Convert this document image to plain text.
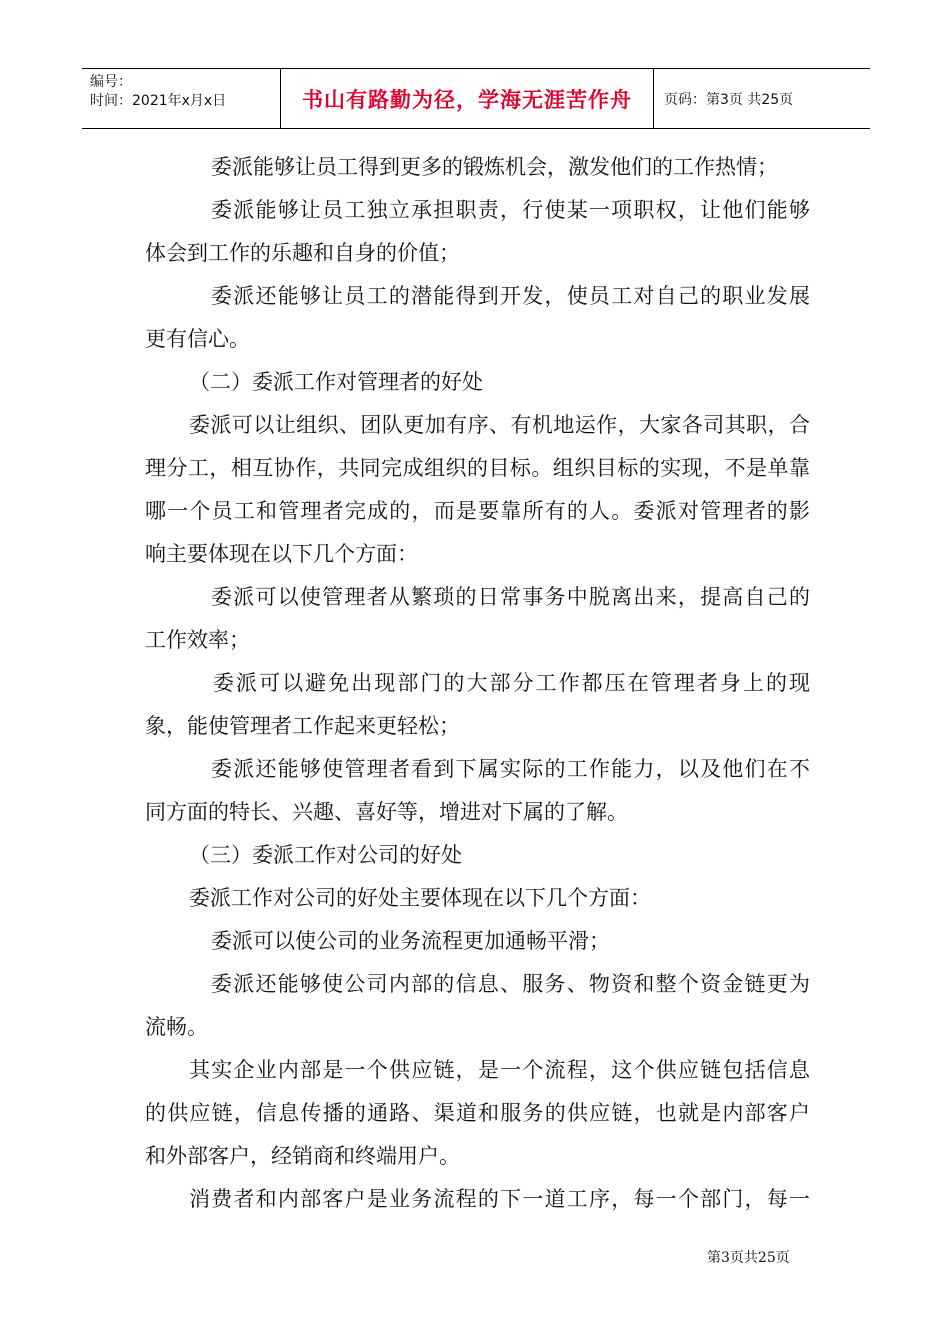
编号：
时间：2021年x月x日	书山有路勤为径，学海无涯苦作舟 页码：第3页 共25页
委派能够让员工得到更多的锻炼机会，激发他们的工作热情；
委派能够让员工独立承担职责，行使某一项职权，让他们能够
体会到工作的乐趣和自身的价值；
委派还能够让员工的潜能得到开发，使员工对自己的职业发展
更有信心。
（二）委派工作对管理者的好处
委派可以让组织、团队更加有序、有机地运作，大家各司其职，合
理分工，相互协作，共同完成组织的目标。组织目标的实现，不是单靠
哪一个员工和管理者完成的，而是要靠所有的人。委派对管理者的影
响主要体现在以下几个方面：
委派可以使管理者从繁琐的日常事务中脱离出来，提高自己的
工作效率；
委派可以避免出现部门的大部分工作都压在管理者身上的现
象，能使管理者工作起来更轻松；
委派还能够使管理者看到下属实际的工作能力，以及他们在不
同方面的特长、兴趣、喜好等，增进对下属的了解。
（三）委派工作对公司的好处
委派工作对公司的好处主要体现在以下几个方面：
委派可以使公司的业务流程更加通畅平滑；
委派还能够使公司内部的信息、服务、物资和整个资金链更为
流畅。
其实企业内部是一个供应链，是一个流程，这个供应链包括信息
的供应链，信息传播的通路、渠道和服务的供应链，也就是内部客户
和外部客户，经销商和终端用户。
消费者和内部客户是业务流程的下一道工序，每一个部门，每一
第3页共25页
